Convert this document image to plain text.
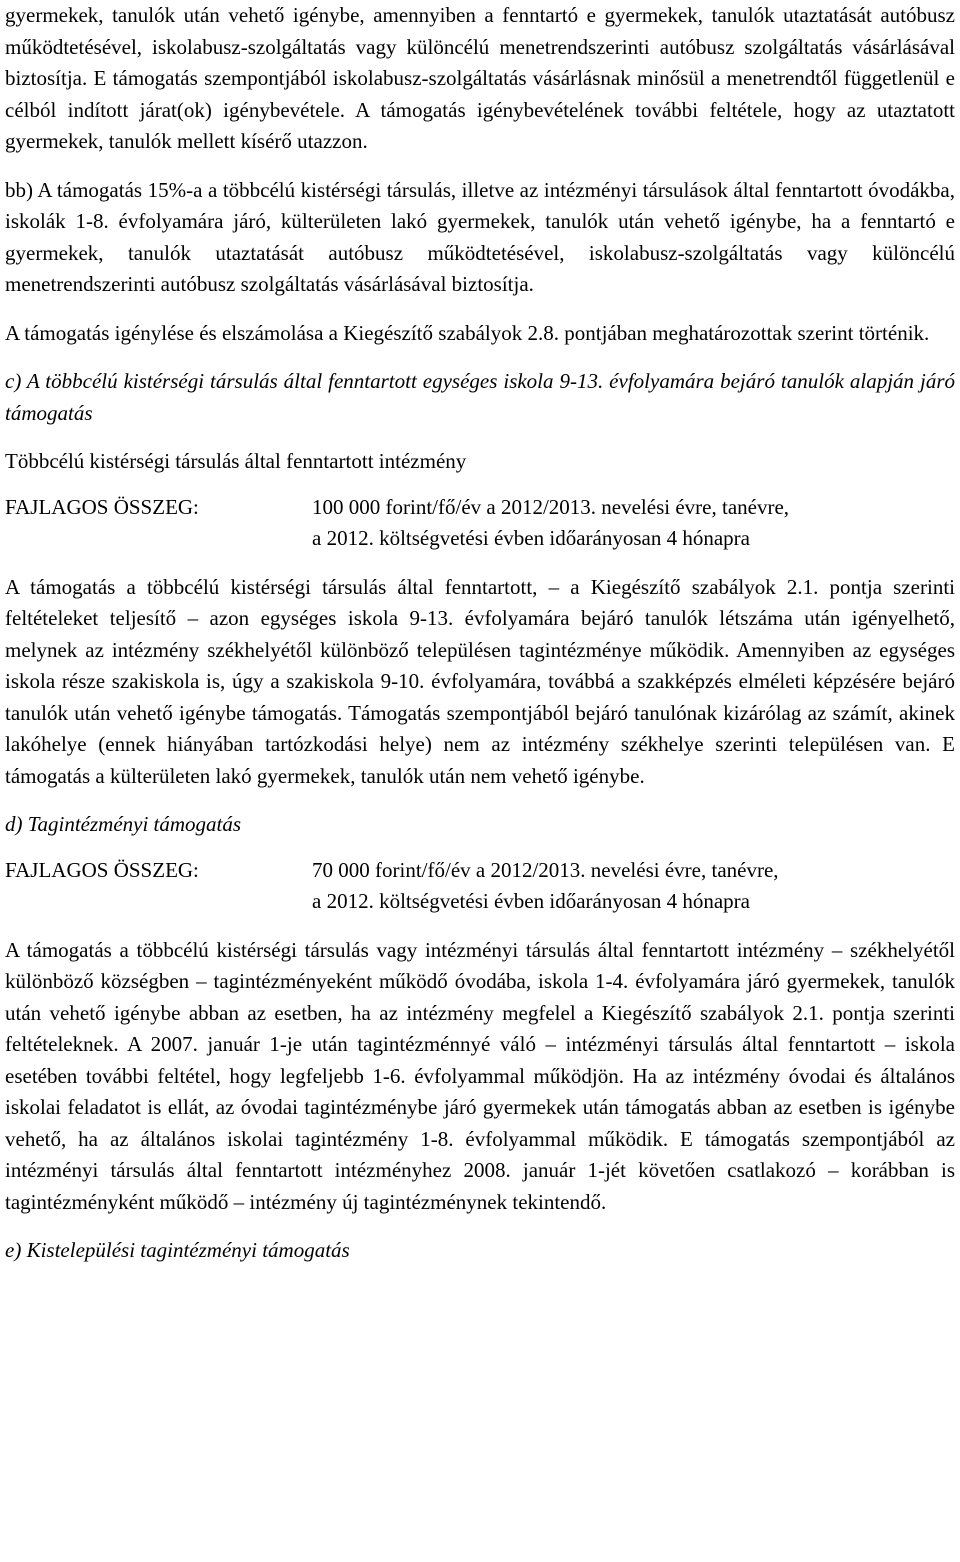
gyermekek, tanulók után vehető igénybe, amennyiben a fenntartó e gyermekek, tanulók utaztatását autóbusz működtetésével, iskolabusz-szolgáltatás vagy különcélú menetrendszerinti autóbusz szolgáltatás vásárlásával biztosítja. E támogatás szempontjából iskolabusz-szolgáltatás vásárlásnak minősül a menetrendtől függetlenül e célból indított járat(ok) igénybevétele. A támogatás igénybevételének további feltétele, hogy az utaztatott gyermekek, tanulók mellett kísérő utazzon.

bb) A támogatás 15%-a a többcélú kistérségi társulás, illetve az intézményi társulások által fenntartott óvodákba, iskolák 1-8. évfolyamára járó, külterületen lakó gyermekek, tanulók után vehető igénybe, ha a fenntartó e gyermekek, tanulók utaztatását autóbusz működtetésével, iskolabusz-szolgáltatás vagy különcélú menetrendszerinti autóbusz szolgáltatás vásárlásával biztosítja.

A támogatás igénylése és elszámolása a Kiegészítő szabályok 2.8. pontjában meghatározottak szerint történik.

c) A többcélú kistérségi társulás által fenntartott egységes iskola 9-13. évfolyamára bejáró tanulók alapján járó támogatás

Többcélú kistérségi társulás által fenntartott intézmény

FAJLAGOS ÖSSZEG:	100 000 forint/fő/év a 2012/2013. nevelési évre, tanévre,
a 2012. költségvetési évben időarányosan 4 hónapra

A támogatás a többcélú kistérségi társulás által fenntartott, – a Kiegészítő szabályok 2.1. pontja szerinti feltételeket teljesítő – azon egységes iskola 9-13. évfolyamára bejáró tanulók létszáma után igényelhető, melynek az intézmény székhelyétől különböző településen tagintézménye működik. Amennyiben az egységes iskola része szakiskola is, úgy a szakiskola 9-10. évfolyamára, továbbá a szakképzés elméleti képzésére bejáró tanulók után vehető igénybe támogatás. Támogatás szempontjából bejáró tanulónak kizárólag az számít, akinek lakóhelye (ennek hiányában tartózkodási helye) nem az intézmény székhelye szerinti településen van. E támogatás a külterületen lakó gyermekek, tanulók után nem vehető igénybe.

d) Tagintézményi támogatás

FAJLAGOS ÖSSZEG:	70 000 forint/fő/év a 2012/2013. nevelési évre, tanévre,
a 2012. költségvetési évben időarányosan 4 hónapra

A támogatás a többcélú kistérségi társulás vagy intézményi társulás által fenntartott intézmény – székhelyétől különböző községben – tagintézményeként működő óvodába, iskola 1-4. évfolyamára járó gyermekek, tanulók után vehető igénybe abban az esetben, ha az intézmény megfelel a Kiegészítő szabályok 2.1. pontja szerinti feltételeknek. A 2007. január 1-je után tagintézménnyé váló – intézményi társulás által fenntartott – iskola esetében további feltétel, hogy legfeljebb 1-6. évfolyammal működjön. Ha az intézmény óvodai és általános iskolai feladatot is ellát, az óvodai tagintézménybe járó gyermekek után támogatás abban az esetben is igénybe vehető, ha az általános iskolai tagintézmény 1-8. évfolyammal működik. E támogatás szempontjából az intézményi társulás által fenntartott intézményhez 2008. január 1-jét követően csatlakozó – korábban is tagintézményként működő – intézmény új tagintézménynek tekintendő.

e) Kistelepülési tagintézményi támogatás
